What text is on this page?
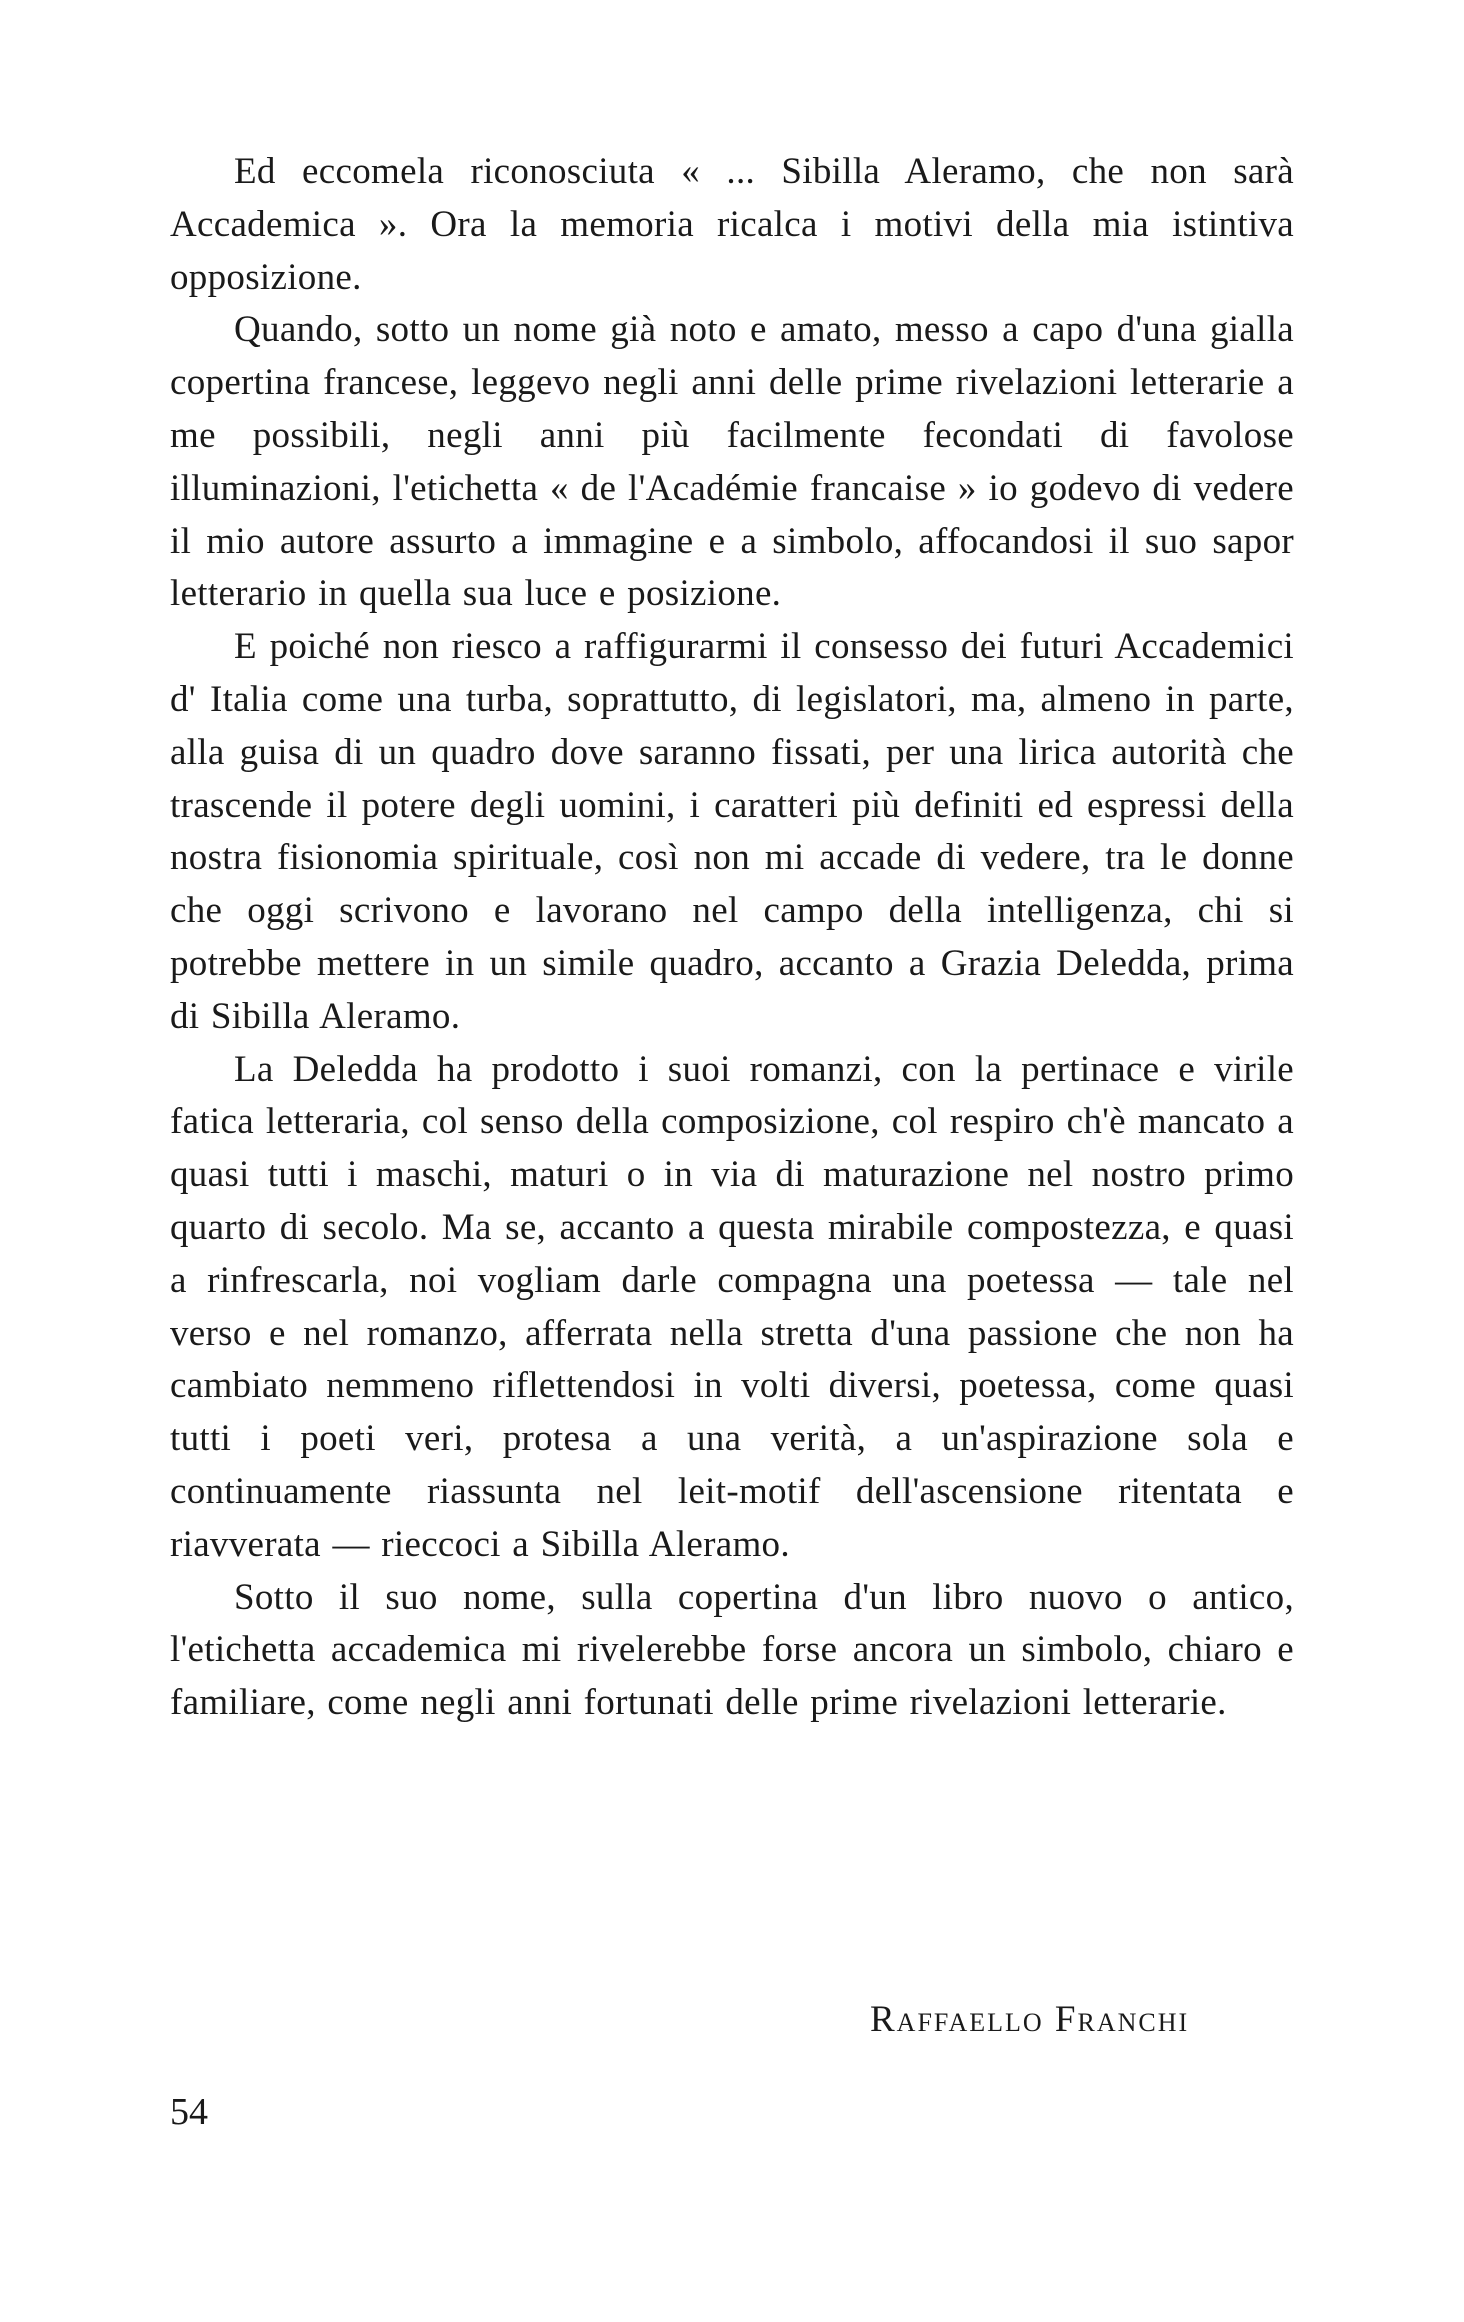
Ed eccomela riconosciuta « ... Sibilla Aleramo, che non sarà Accademica ». Ora la memoria ricalca i motivi della mia istintiva opposizione.

Quando, sotto un nome già noto e amato, messo a capo d'una gialla copertina francese, leggevo negli anni delle prime rivelazioni letterarie a me possibili, negli anni più facilmente fecondati di favolose illuminazioni, l'etichetta « de l'Académie francaise » io godevo di vedere il mio autore assurto a immagine e a simbolo, affocandosi il suo sapor letterario in quella sua luce e posizione.

E poiché non riesco a raffigurarmi il consesso dei futuri Accademici d' Italia come una turba, soprattutto, di legislatori, ma, almeno in parte, alla guisa di un quadro dove saranno fissati, per una lirica autorità che trascende il potere degli uomini, i caratteri più definiti ed espressi della nostra fisionomia spirituale, così non mi accade di vedere, tra le donne che oggi scrivono e lavorano nel campo della intelligenza, chi si potrebbe mettere in un simile quadro, accanto a Grazia Deledda, prima di Sibilla Aleramo.

La Deledda ha prodotto i suoi romanzi, con la pertinace e virile fatica letteraria, col senso della composizione, col respiro ch'è mancato a quasi tutti i maschi, maturi o in via di maturazione nel nostro primo quarto di secolo. Ma se, accanto a questa mirabile compostezza, e quasi a rinfrescarla, noi vogliam darle compagna una poetessa — tale nel verso e nel romanzo, afferrata nella stretta d'una passione che non ha cambiato nemmeno riflettendosi in volti diversi, poetessa, come quasi tutti i poeti veri, protesa a una verità, a un'aspirazione sola e continuamente riassunta nel leit-motif dell'ascensione ritentata e riavverata — rieccoci a Sibilla Aleramo.

Sotto il suo nome, sulla copertina d'un libro nuovo o antico, l'etichetta accademica mi rivelerebbe forse ancora un simbolo, chiaro e familiare, come negli anni fortunati delle prime rivelazioni letterarie.

Raffaello Franchi
54
